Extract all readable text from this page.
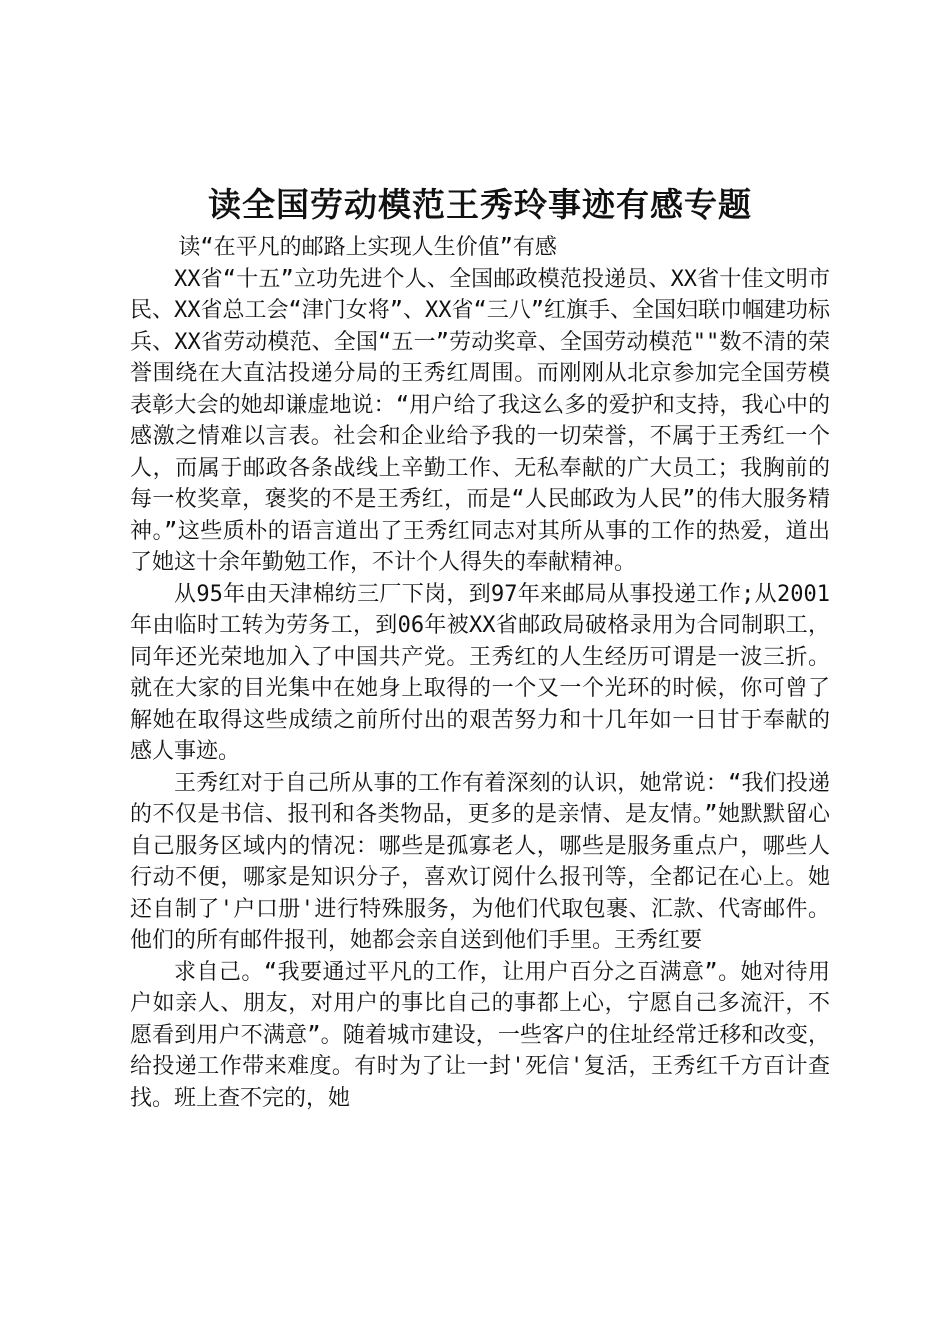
读全国劳动模范王秀玲事迹有感专题

读“在平凡的邮路上实现人生价值”有感

XX省“十五”立功先进个人、全国邮政模范投递员、XX省十佳文明市民、XX省总工会“津门女将”、XX省“三八”红旗手、全国妇联巾帼建功标兵、XX省劳动模范、全国“五一”劳动奖章、全国劳动模范""数不清的荣誉围绕在大直沽投递分局的王秀红周围。而刚刚从北京参加完全国劳模表彰大会的她却谦虚地说：“用户给了我这么多的爱护和支持，我心中的感激之情难以言表。社会和企业给予我的一切荣誉，不属于王秀红一个人，而属于邮政各条战线上辛勤工作、无私奉献的广大员工；我胸前的每一枚奖章，褒奖的不是王秀红，而是“人民邮政为人民”的伟大服务精神。”这些质朴的语言道出了王秀红同志对其所从事的工作的热爱，道出了她这十余年勤勉工作，不计个人得失的奉献精神。

从95年由天津棉纺三厂下岗，到97年来邮局从事投递工作;从2001年由临时工转为劳务工，到06年被XX省邮政局破格录用为合同制职工，同年还光荣地加入了中国共产党。王秀红的人生经历可谓是一波三折。就在大家的目光集中在她身上取得的一个又一个光环的时候，你可曾了解她在取得这些成绩之前所付出的艰苦努力和十几年如一日甘于奉献的感人事迹。

王秀红对于自己所从事的工作有着深刻的认识，她常说：“我们投递的不仅是书信、报刊和各类物品，更多的是亲情、是友情。”她默默留心自己服务区域内的情况：哪些是孤寡老人，哪些是服务重点户，哪些人行动不便，哪家是知识分子，喜欢订阅什么报刊等，全都记在心上。她还自制了'户口册'进行特殊服务，为他们代取包裹、汇款、代寄邮件。他们的所有邮件报刊，她都会亲自送到他们手里。王秀红要

求自己。“我要通过平凡的工作，让用户百分之百满意”。她对待用户如亲人、朋友，对用户的事比自己的事都上心，宁愿自己多流汗，不愿看到用户不满意”。随着城市建设，一些客户的住址经常迁移和改变，给投递工作带来难度。有时为了让一封'死信'复活，王秀红千方百计查找。班上查不完的，她
